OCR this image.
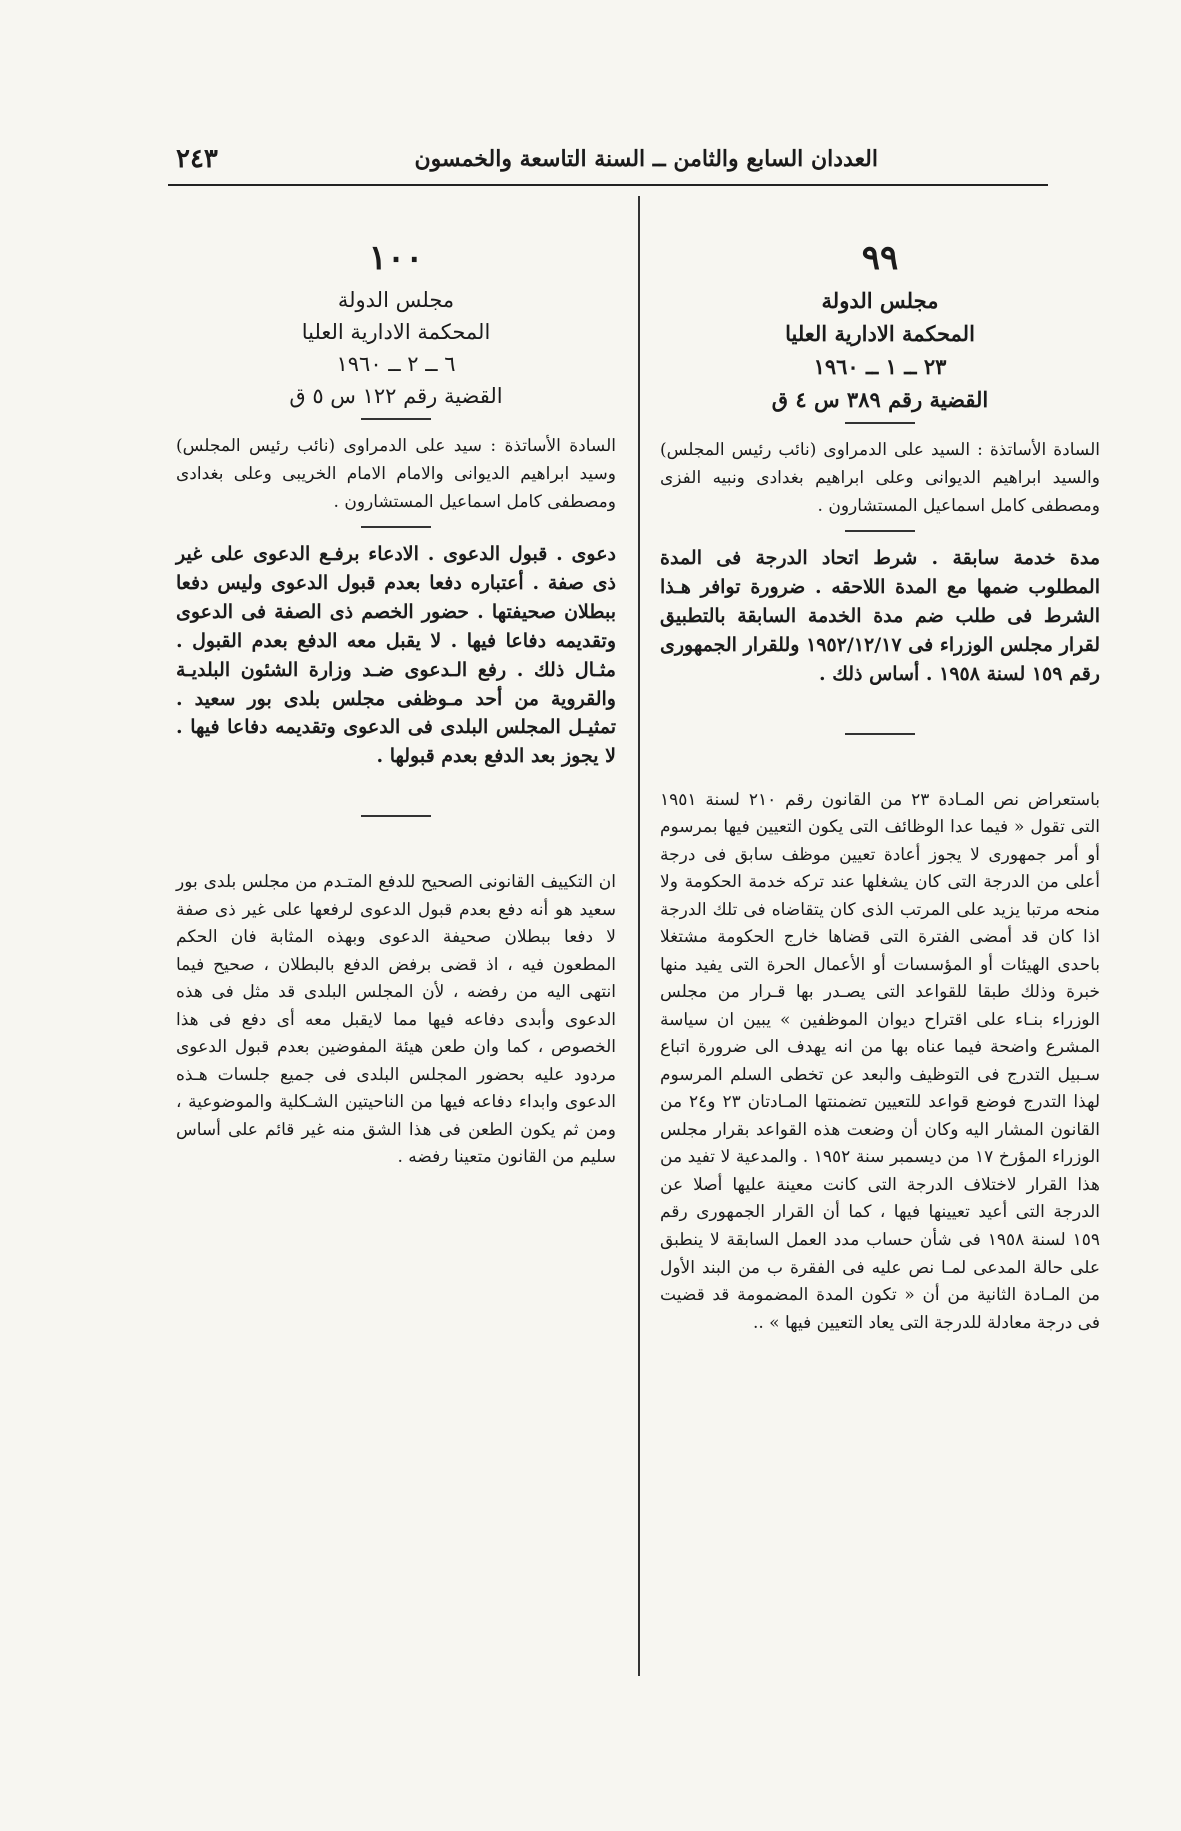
العددان السابع والثامن ــ السنة التاسعة والخمسون
٢٤٣
٩٩
مجلس الدولة
المحكمة الادارية العليا
٢٣ ــ ١ ــ ١٩٦٠
القضية رقم ٣٨٩ س ٤ ق

السادة الأساتذة : السيد على الدمراوى (نائب رئيس المجلس) والسيد ابراهيم الديوانى وعلى ابراهيم بغدادى ونبيه الفزى ومصطفى كامل اسماعيل المستشارون .

مدة خدمة سابقة . شرط اتحاد الدرجة فى المدة المطلوب ضمها مع المدة اللاحقه . ضرورة توافر هـذا الشرط فى طلب ضم مدة الخدمة السابقة بالتطبيق لقرار مجلس الوزراء فى ١٩٥٢/١٢/١٧ وللقرار الجمهورى رقم ١٥٩ لسنة ١٩٥٨ . أساس ذلك .

باستعراض نص المـادة ٢٣ من القانون رقم ٢١٠ لسنة ١٩٥١ التى تقول « فيما عدا الوظائف التى يكون التعيين فيها بمرسوم أو أمر جمهورى لا يجوز أعادة تعيين موظف سابق فى درجة أعلى من الدرجة التى كان يشغلها عند تركه خدمة الحكومة ولا منحه مرتبا يزيد على المرتب الذى كان يتقاضاه فى تلك الدرجة اذا كان قد أمضى الفترة التى قضاها خارج الحكومة مشتغلا باحدى الهيئات أو المؤسسات أو الأعمال الحرة التى يفيد منها خبرة وذلك طبقا للقواعد التى يصـدر بها قـرار من مجلس الوزراء بنـاء على اقتراح ديوان الموظفين » يبين ان سياسة المشرع واضحة فيما عناه بها من انه يهدف الى ضرورة اتباع سـبيل التدرج فى التوظيف والبعد عن تخطى السلم المرسوم لهذا التدرج فوضع قواعد للتعيين تضمنتها المـادتان ٢٣ و٢٤ من القانون المشار اليه وكان أن وضعت هذه القواعد بقرار مجلس الوزراء المؤرخ ١٧ من ديسمبر سنة ١٩٥٢ . والمدعية لا تفيد من هذا القرار لاختلاف الدرجة التى كانت معينة عليها أصلا عن الدرجة التى أعيد تعيينها فيها ، كما أن القرار الجمهورى رقم ١٥٩ لسنة ١٩٥٨ فى شأن حساب مدد العمل السابقة لا ينطبق على حالة المدعى لمـا نص عليه فى الفقرة ب من البند الأول من المـادة الثانية من أن « تكون المدة المضمومة قد قضيت فى درجة معادلة للدرجة التى يعاد التعيين فيها » ..

١٠٠
مجلس الدولة
المحكمة الادارية العليا
٦ ــ ٢ ــ ١٩٦٠
القضية رقم ١٢٢ س ٥ ق

السادة الأساتذة : سيد على الدمراوى (نائب رئيس المجلس) وسيد ابراهيم الديوانى والامام الامام الخريبى وعلى بغدادى ومصطفى كامل اسماعيل المستشارون .

دعوى . قبول الدعوى . الادعاء برفـع الدعوى على غير ذى صفة . أعتباره دفعا بعدم قبول الدعوى وليس دفعا ببطلان صحيفتها . حضور الخصم ذى الصفة فى الدعوى وتقديمه دفاعا فيها . لا يقبل معه الدفع بعدم القبول . مثـال ذلك . رفع الـدعوى ضـد وزارة الشئون البلديـة والقروية من أحد مـوظفى مجلس بلدى بور سعيد . تمثيـل المجلس البلدى فى الدعوى وتقديمه دفاعا فيها . لا يجوز بعد الدفع بعدم قبولها .

ان التكييف القانونى الصحيح للدفع المتـدم من مجلس بلدى بور سعيد هو أنه دفع بعدم قبول الدعوى لرفعها على غير ذى صفة لا دفعا ببطلان صحيفة الدعوى وبهذه المثابة فان الحكم المطعون فيه ، اذ قضى برفض الدفع بالبطلان ، صحيح فيما انتهى اليه من رفضه ، لأن المجلس البلدى قد مثل فى هذه الدعوى وأبدى دفاعه فيها مما لايقبل معه أى دفع فى هذا الخصوص ، كما وان طعن هيئة المفوضين بعدم قبول الدعوى مردود عليه بحضور المجلس البلدى فى جميع جلسات هـذه الدعوى وابداء دفاعه فيها من الناحيتين الشـكلية والموضوعية ، ومن ثم يكون الطعن فى هذا الشق منه غير قائم على أساس سليم من القانون متعينا رفضه .
